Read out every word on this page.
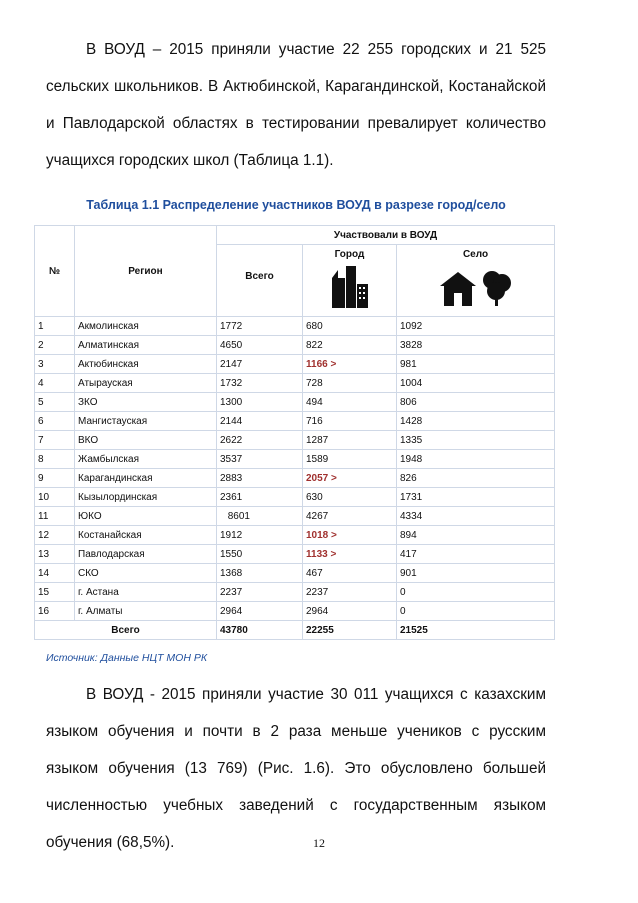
В ВОУД – 2015 приняли участие 22 255 городских и 21 525 сельских школьников. В Актюбинской, Карагандинской, Костанайской и Павлодарской областях в тестировании превалирует количество учащихся городских школ (Таблица 1.1).

Таблица 1.1 Распределение участников ВОУД в разрезе город/село

№	Регион	Участвовали в ВОУД		
		Всего	Город	Село

1	Акмолинская	1772	680	1092
2	Алматинская	4650	822	3828
3	Актюбинская	2147	1166 >	981
4	Атырауская	1732	728	1004
5	ЗКО	1300	494	806
6	Мангистауская	2144	716	1428
7	ВКО	2622	1287	1335
8	Жамбылская	3537	1589	1948
9	Карагандинская	2883	2057 >	826
10	Кызылординская	2361	630	1731
11	ЮКО	8601	4267	4334
12	Костанайская	1912	1018 >	894
13	Павлодарская	1550	1133 >	417
14	СКО	1368	467	901
15	г. Астана	2237	2237	0
16	г. Алматы	2964	2964	0
Всего		43780	22255	21525

Источник: Данные НЦТ МОН РК

В ВОУД - 2015 приняли участие 30 011 учащихся с казахским языком обучения и почти в 2 раза меньше учеников с русским языком обучения (13 769) (Рис. 1.6). Это обусловлено большей численностью учебных заведений с государственным языком обучения (68,5%).	12
